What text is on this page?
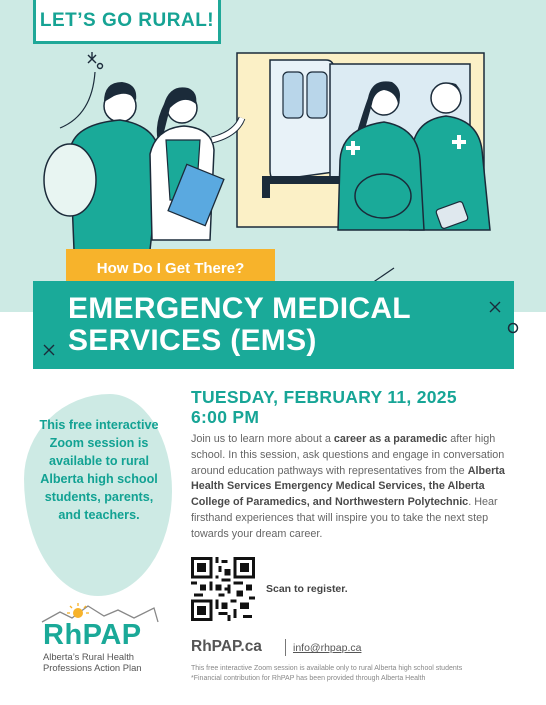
LET’S GO RURAL!
How Do I Get There?
EMERGENCY MEDICAL
SERVICES (EMS)
TUESDAY, FEBRUARY 11, 2025
6:00 PM
Join us to learn more about a career as a paramedic after high school. In this session, ask questions and engage in conversation around education pathways with representatives from the Alberta Health Services Emergency Medical Services, the Alberta College of Paramedics, and Northwestern Polytechnic. Hear firsthand experiences that will inspire you to take the next step towards your dream career.
This free interactive Zoom session is available to rural Alberta high school students, parents, and teachers.
Scan to register.
RhPAP
Alberta’s Rural Health
Professions Action Plan
RhPAP.ca	info@rhpap.ca
This free interactive Zoom session is available only to rural Alberta high school students
*Financial contribution for RhPAP has been provided through Alberta Health
